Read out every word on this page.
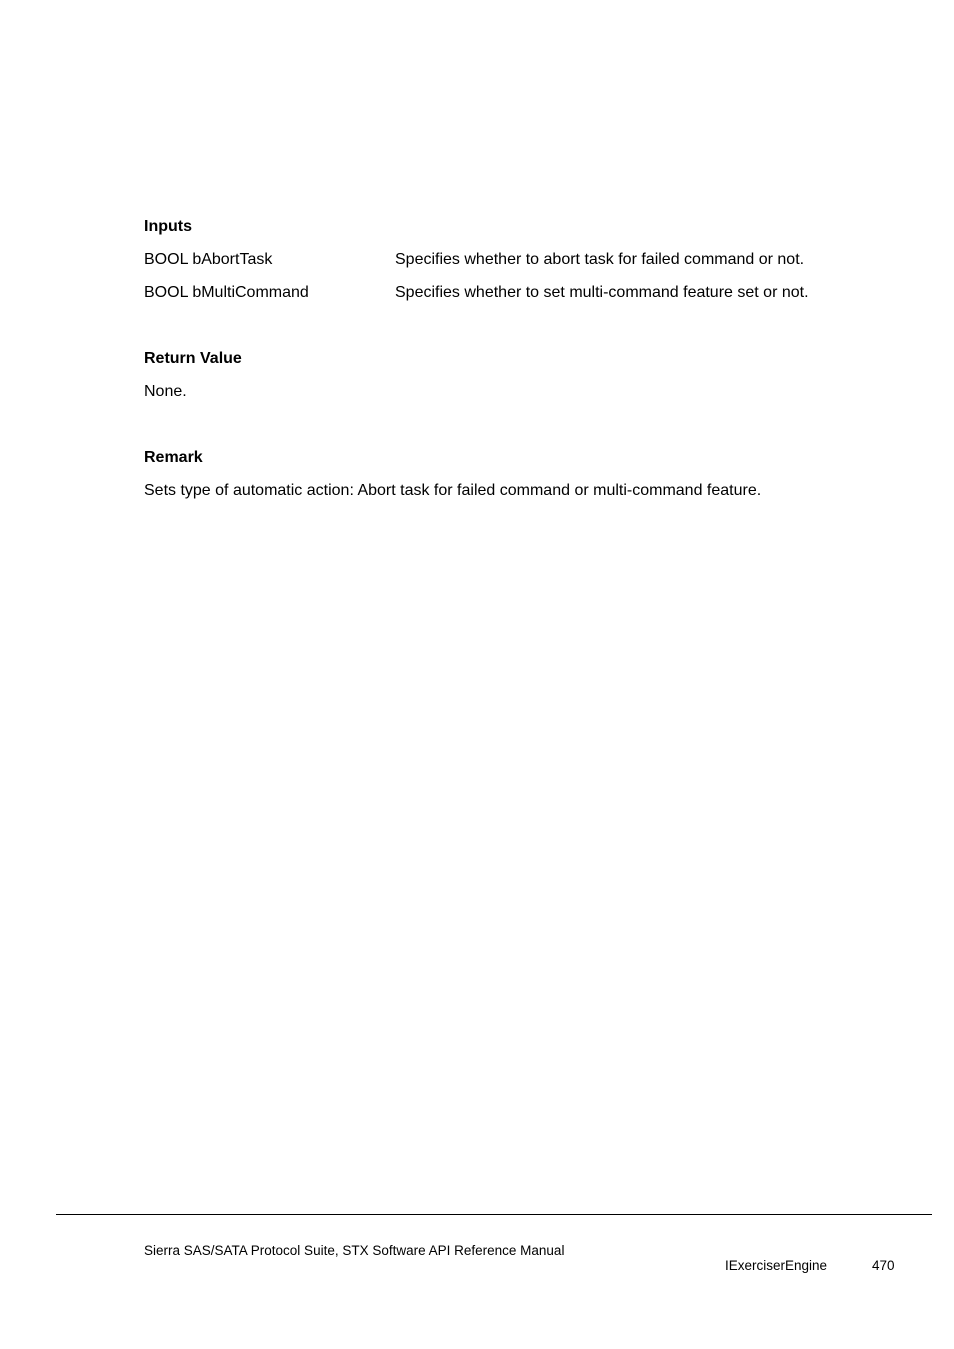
Inputs
BOOL bAbortTask	Specifies whether to abort task for failed command or not.
BOOL bMultiCommand	Specifies whether to set multi-command feature set or not.
Return Value
None.
Remark
Sets type of automatic action: Abort task for failed command or multi-command feature.
Sierra SAS/SATA Protocol Suite, STX Software API Reference Manual
IExerciserEngine	470
